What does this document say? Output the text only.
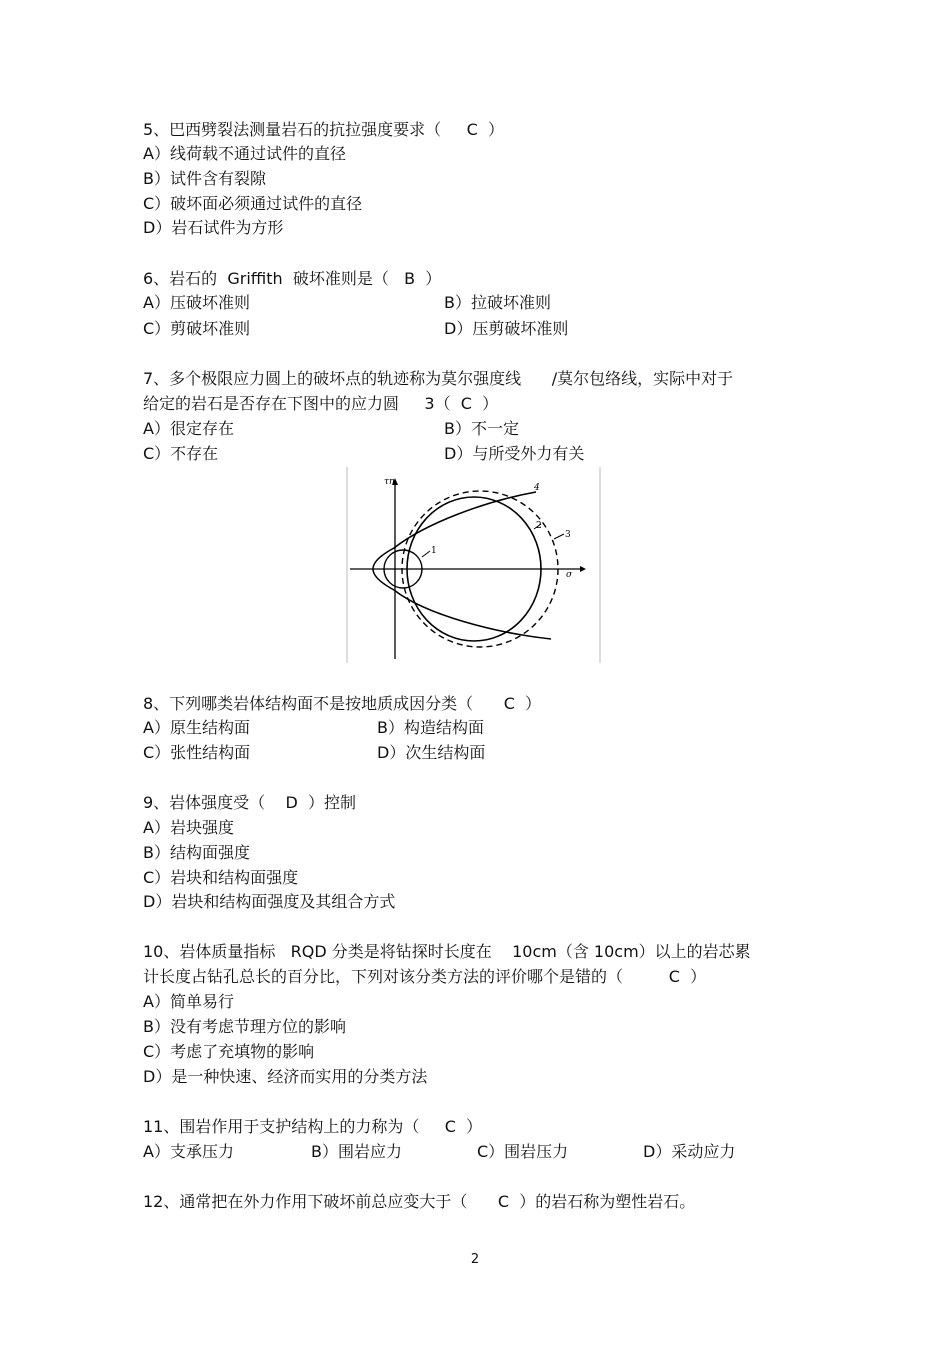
5、巴西劈裂法测量岩石的抗拉强度要求（     C  ）
A）线荷载不通过试件的直径
B）试件含有裂隙
C）破坏面必须通过试件的直径
D）岩石试件为方形
6、岩石的  Griffith  破坏准则是（   B  ）
A）压破坏准则	B）拉破坏准则
C）剪破坏准则	D）压剪破坏准则
7、多个极限应力圆上的破坏点的轨迹称为莫尔强度线      /莫尔包络线，实际中对于
给定的岩石是否存在下图中的应力圆     3（  C  ）
A）很定存在	B）不一定
C）不存在	D）与所受外力有关
τn
σ
1
2
3
4
8、下列哪类岩体结构面不是按地质成因分类（      C  ）
A）原生结构面	B）构造结构面
C）张性结构面	D）次生结构面
9、岩体强度受（    D  ）控制
A）岩块强度
B）结构面强度
C）岩块和结构面强度
D）岩块和结构面强度及其组合方式
10、岩体质量指标   RQD 分类是将钻探时长度在    10cm（含 10cm）以上的岩芯累
计长度占钻孔总长的百分比，下列对该分类方法的评价哪个是错的（         C  ）
A）简单易行
B）没有考虑节理方位的影响
C）考虑了充填物的影响
D）是一种快速、经济而实用的分类方法
11、围岩作用于支护结构上的力称为（     C  ）
A）支承压力	B）围岩应力	C）围岩压力	D）采动应力
12、通常把在外力作用下破坏前总应变大于（      C  ）的岩石称为塑性岩石。
2
